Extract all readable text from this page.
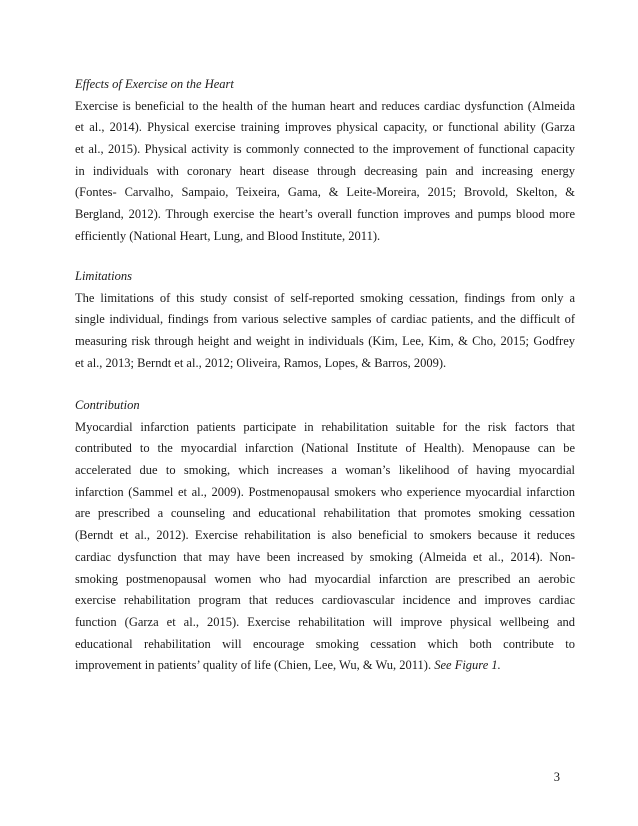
Effects of Exercise on the Heart
Exercise is beneficial to the health of the human heart and reduces cardiac dysfunction (Almeida
et al., 2014). Physical exercise training improves physical capacity, or functional ability (Garza
et al., 2015). Physical activity is commonly connected to the improvement of functional capacity
in individuals with coronary heart disease through decreasing pain and increasing energy
(Fontes- Carvalho, Sampaio, Teixeira, Gama, & Leite-Moreira, 2015; Brovold, Skelton, &
Bergland, 2012). Through exercise the heart’s overall function improves and pumps blood more
efficiently (National Heart, Lung, and Blood Institute, 2011).
Limitations
The limitations of this study consist of self-reported smoking cessation, findings from only a
single individual, findings from various selective samples of cardiac patients, and the difficult of
measuring risk through height and weight in individuals (Kim, Lee, Kim, & Cho, 2015; Godfrey
et al., 2013; Berndt et al., 2012; Oliveira, Ramos, Lopes, & Barros, 2009).
Contribution
Myocardial infarction patients participate in rehabilitation suitable for the risk factors that
contributed to the myocardial infarction (National Institute of Health). Menopause can be
accelerated due to smoking, which increases a woman’s likelihood of having myocardial
infarction (Sammel et al., 2009). Postmenopausal smokers who experience myocardial infarction
are prescribed a counseling and educational rehabilitation that promotes smoking cessation
(Berndt et al., 2012). Exercise rehabilitation is also beneficial to smokers because it reduces
cardiac dysfunction that may have been increased by smoking (Almeida et al., 2014). Non-
smoking postmenopausal women who had myocardial infarction are prescribed an aerobic
exercise rehabilitation program that reduces cardiovascular incidence and improves cardiac
function (Garza et al., 2015). Exercise rehabilitation will improve physical wellbeing and
educational rehabilitation will encourage smoking cessation which both contribute to
improvement in patients’ quality of life (Chien, Lee, Wu, & Wu, 2011). See Figure 1.
3
